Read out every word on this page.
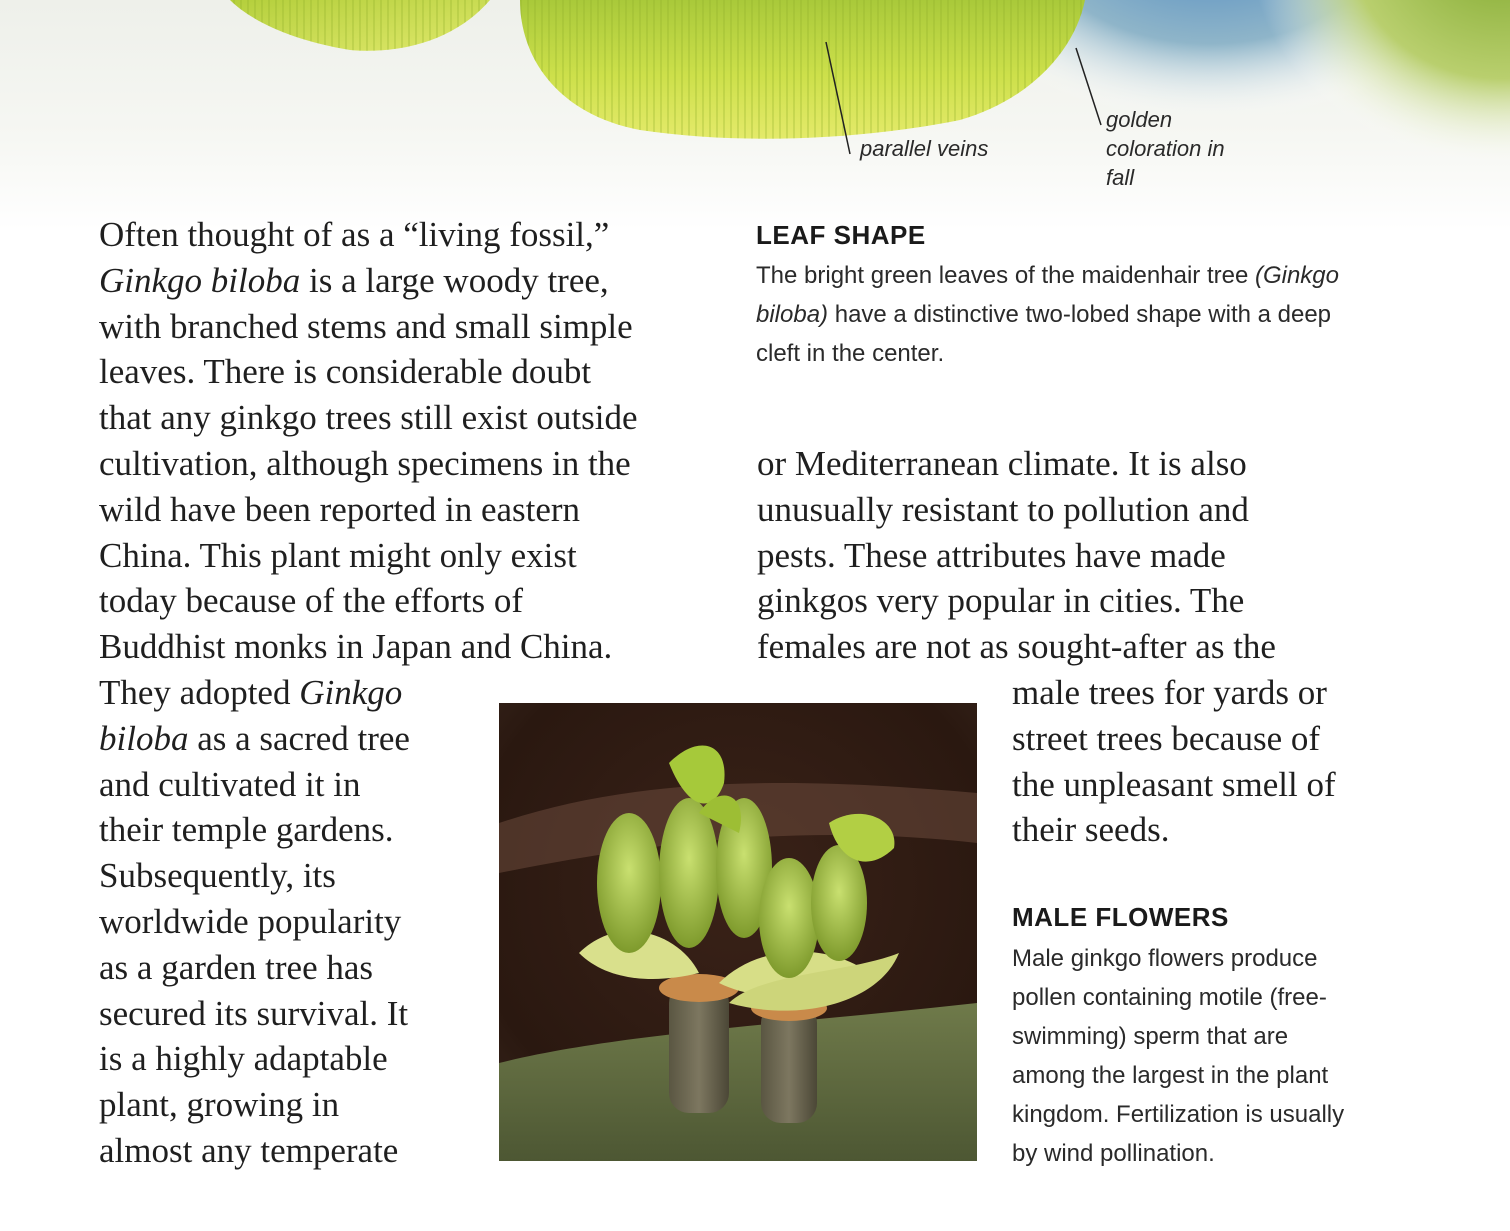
parallel veins
golden
coloration in
fall
Often thought of as a “living fossil,”
Ginkgo biloba is a large woody tree,
with branched stems and small simple
leaves. There is considerable doubt
that any ginkgo trees still exist outside
cultivation, although specimens in the
wild have been reported in eastern
China. This plant might only exist
today because of the efforts of
Buddhist monks in Japan and China.
They adopted Ginkgo
biloba as a sacred tree
and cultivated it in
their temple gardens.
Subsequently, its
worldwide popularity
as a garden tree has
secured its survival. It
is a highly adaptable
plant, growing in
almost any temperate
LEAF SHAPE
The bright green leaves of the maidenhair tree (Ginkgo
biloba) have a distinctive two-lobed shape with a deep
cleft in the center.
or Mediterranean climate. It is also
unusually resistant to pollution and
pests. These attributes have made
ginkgos very popular in cities. The
females are not as sought-after as the
male trees for yards or
street trees because of
the unpleasant smell of
their seeds.
MALE FLOWERS
Male ginkgo flowers produce
pollen containing motile (free-
swimming) sperm that are
among the largest in the plant
kingdom. Fertilization is usually
by wind pollination.
